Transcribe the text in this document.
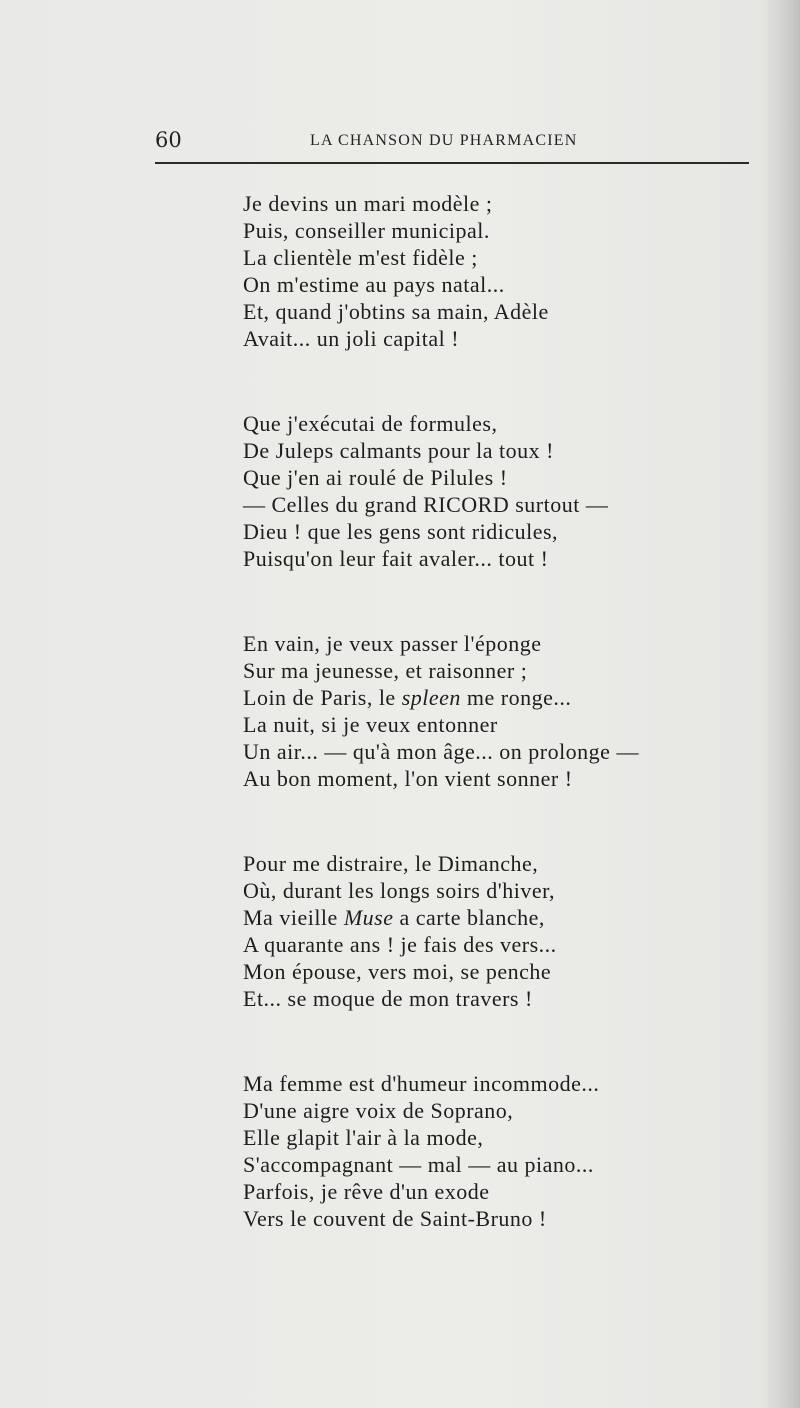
60	LA CHANSON DU PHARMACIEN
Je devins un mari modèle ;
Puis, conseiller municipal.
La clientèle m'est fidèle ;
On m'estime au pays natal...
Et, quand j'obtins sa main, Adèle
Avait... un joli capital !
Que j'exécutai de formules,
De Juleps calmants pour la toux !
Que j'en ai roulé de Pilules !
— Celles du grand RICORD surtout —
Dieu ! que les gens sont ridicules,
Puisqu'on leur fait avaler... tout !
En vain, je veux passer l'éponge
Sur ma jeunesse, et raisonner ;
Loin de Paris, le spleen me ronge...
La nuit, si je veux entonner
Un air... — qu'à mon âge... on prolonge —
Au bon moment, l'on vient sonner !
Pour me distraire, le Dimanche,
Où, durant les longs soirs d'hiver,
Ma vieille Muse a carte blanche,
A quarante ans ! je fais des vers...
Mon épouse, vers moi, se penche
Et... se moque de mon travers !
Ma femme est d'humeur incommode...
D'une aigre voix de Soprano,
Elle glapit l'air à la mode,
S'accompagnant — mal — au piano...
Parfois, je rêve d'un exode
Vers le couvent de Saint-Bruno !
